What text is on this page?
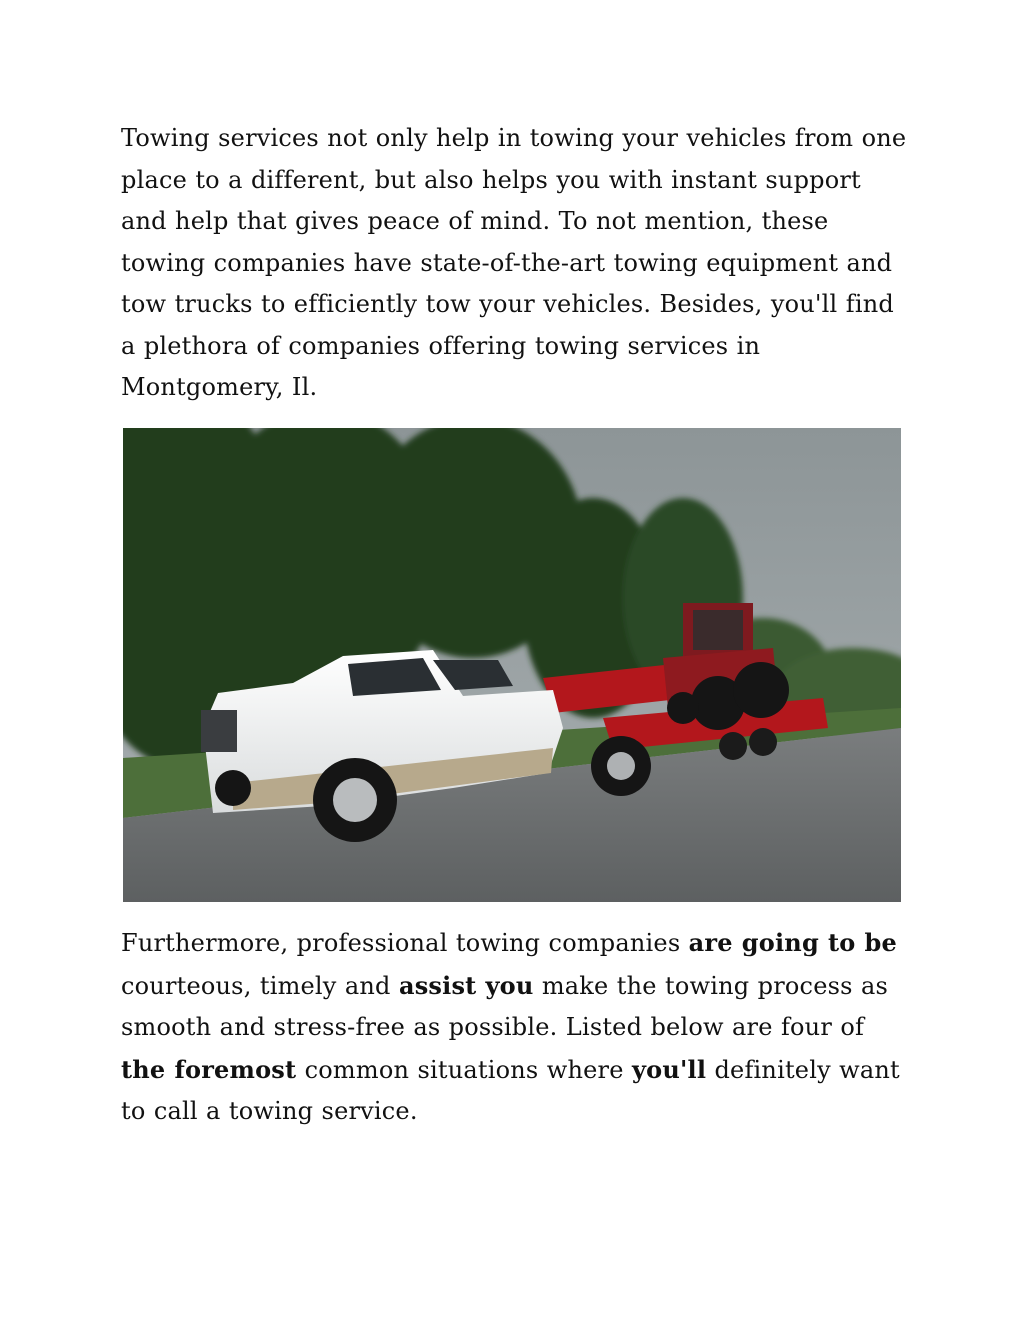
Towing services not only help in towing your vehicles from one place to a different, but also helps you with instant support and help that gives peace of mind. To not mention, these towing companies have state-of-the-art towing equipment and tow trucks to efficiently tow your vehicles. Besides, you'll find a plethora of companies offering towing services in Montgomery, Il.

Furthermore, professional towing companies are going to be courteous, timely and assist you make the towing process as smooth and stress-free as possible. Listed below are four of the foremost common situations where you'll definitely want to call a towing service.
